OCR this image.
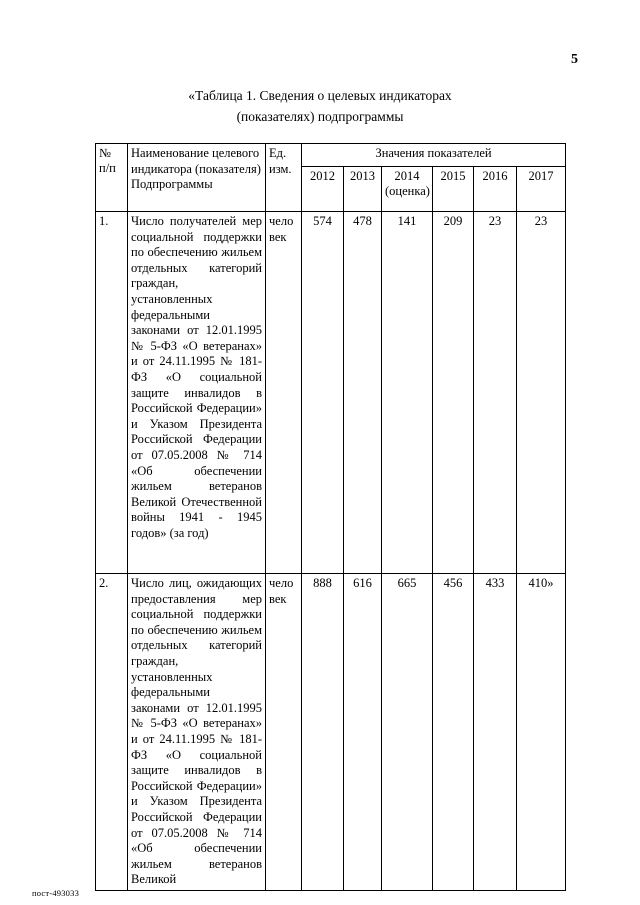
5
«Таблица 1. Сведения о целевых индикаторах
(показателях) подпрограммы
№ п/п	Наименование целевого индикатора (показателя) Подпрограммы	Ед. изм.	Значения показателей					
			2012	2013	2014 (оценка)	2015	2016	2017
1.	Число получателей мер социальной поддержки по обеспечению жильем отдельных категорий граждан, установленных федеральными законами от 12.01.1995 № 5-ФЗ «О ветеранах» и от 24.11.1995 № 181-ФЗ «О социальной защите инвалидов в Российской Федерации» и Указом Президента Российской Федерации от 07.05.2008 № 714 «Об обеспечении жильем ветеранов Великой Отечественной войны 1941 - 1945 годов» (за год)	человек	574	478	141	209	23	23
2.	Число лиц, ожидающих предоставления мер социальной поддержки по обеспечению жильем отдельных категорий граждан, установленных федеральными законами от 12.01.1995 № 5-ФЗ «О ветеранах» и от 24.11.1995 № 181-ФЗ «О социальной защите инвалидов в Российской Федерации» и Указом Президента Российской Федерации от 07.05.2008 № 714 «Об обеспечении жильем ветеранов Великой	человек	888	616	665	456	433	410»
пост-493033
